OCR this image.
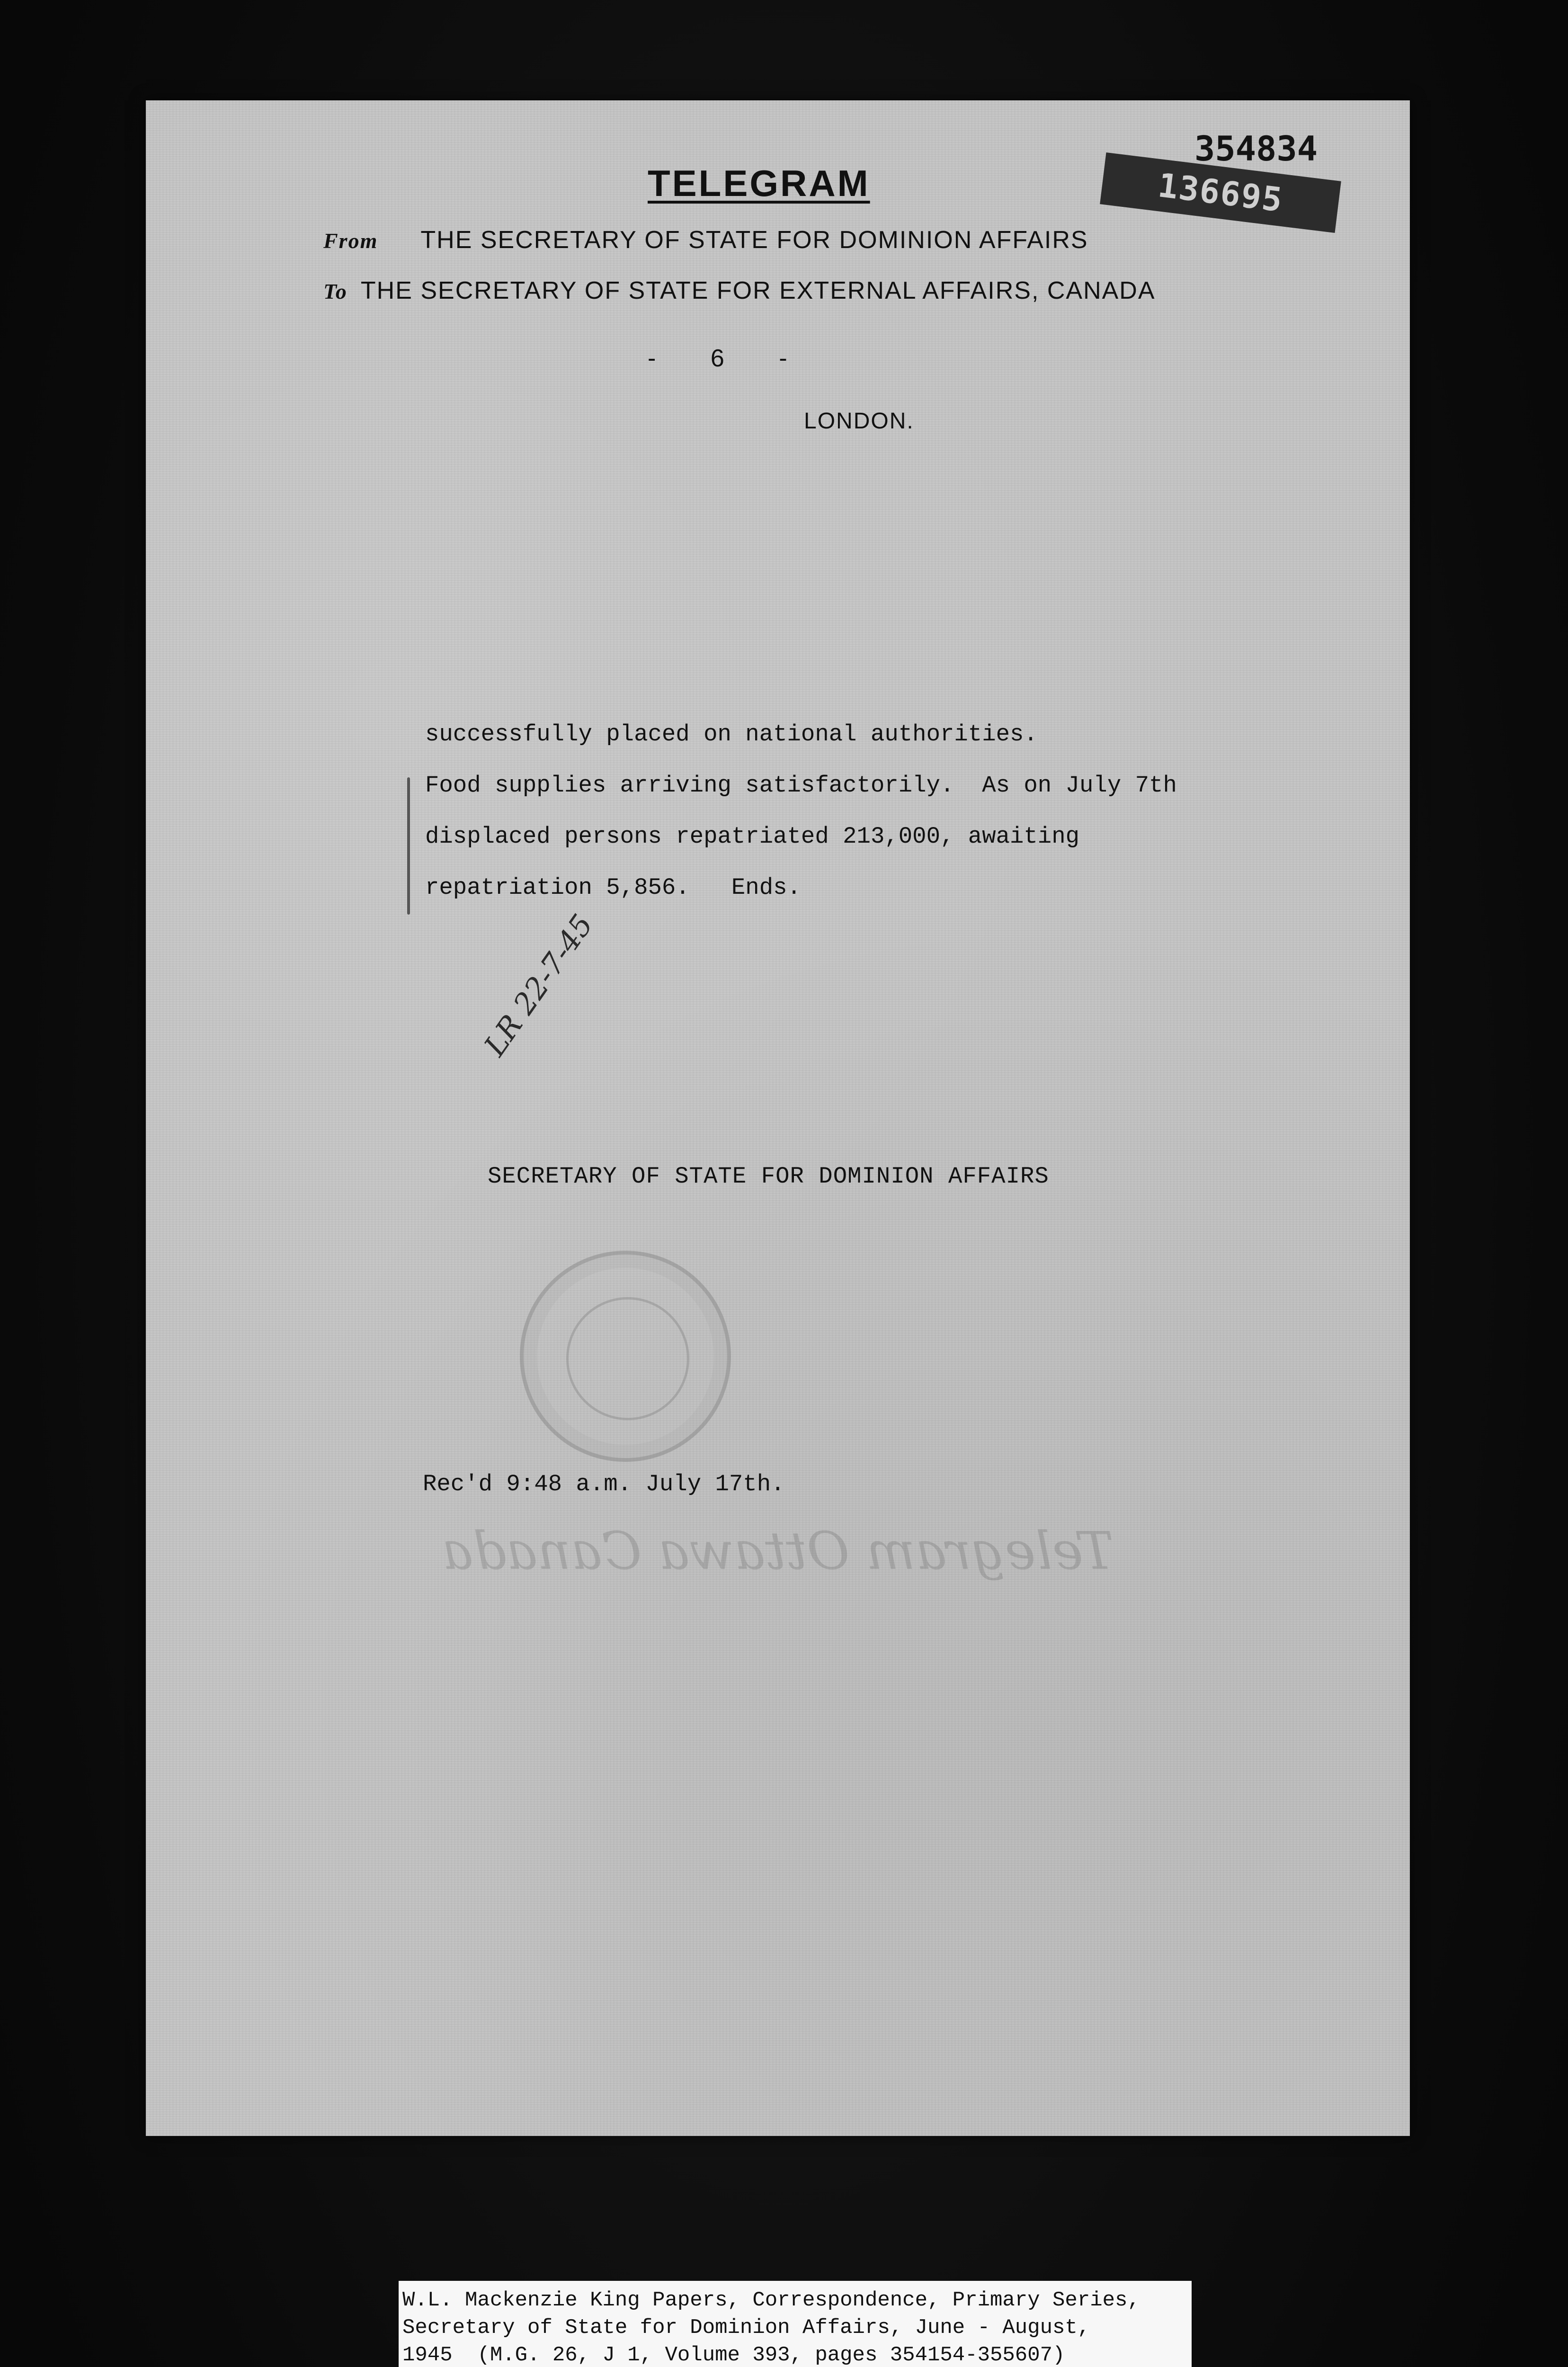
354834
136695
TELEGRAM
From THE SECRETARY OF STATE FOR DOMINION AFFAIRS
To THE SECRETARY OF STATE FOR EXTERNAL AFFAIRS, CANADA
-        6        -
LONDON.
successfully placed on national authorities.
Food supplies arriving satisfactorily.  As on July 7th
displaced persons repatriated 213,000, awaiting
repatriation 5,856.   Ends.
LR 22-7-45
SECRETARY OF STATE FOR DOMINION AFFAIRS
Rec'd 9:48 a.m. July 17th.
Telegram Ottawa Canada
W.L. Mackenzie King Papers, Correspondence, Primary Series,
Secretary of State for Dominion Affairs, June - August,
1945  (M.G. 26, J 1, Volume 393, pages 354154-355607)
